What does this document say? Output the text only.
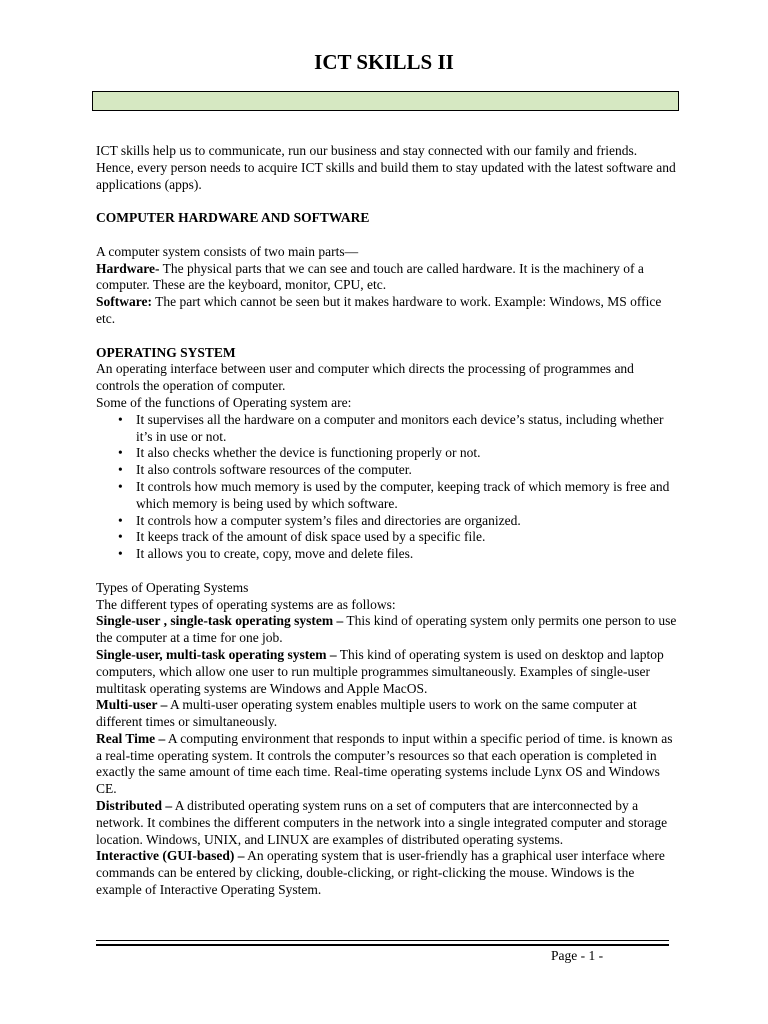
ICT SKILLS II

ICT skills help us to communicate, run our business and stay connected with our family and friends. Hence, every person needs to acquire ICT skills and build them to stay updated with the latest software and applications (apps).

COMPUTER HARDWARE AND SOFTWARE

A computer system consists of two main parts—

Hardware- The physical parts that we can see and touch are called hardware. It is the machinery of a computer. These are the keyboard, monitor, CPU, etc.

Software: The part which cannot be seen but it makes hardware to work. Example: Windows, MS office etc.

OPERATING SYSTEM

An operating interface between user and computer which directs the processing of programmes and controls the operation of computer.

Some of the functions of Operating system are:

• It supervises all the hardware on a computer and monitors each device’s status, including whether it’s in use or not.
• It also checks whether the device is functioning properly or not.
• It also controls software resources of the computer.
• It controls how much memory is used by the computer, keeping track of which memory is free and which memory is being used by which software.
• It controls how a computer system’s files and directories are organized.
• It keeps track of the amount of disk space used by a specific file.
• It allows you to create, copy, move and delete files.

Types of Operating Systems

The different types of operating systems are as follows:

Single-user , single-task operating system – This kind of operating system only permits one person to use the computer at a time for one job.

Single-user, multi-task operating system – This kind of operating system is used on desktop and laptop computers, which allow one user to run multiple programmes simultaneously. Examples of single-user multitask operating systems are Windows and Apple MacOS.

Multi-user – A multi-user operating system enables multiple users to work on the same computer at different times or simultaneously.

Real Time – A computing environment that responds to input within a specific period of time. is known as a real-time operating system. It controls the computer’s resources so that each operation is completed in exactly the same amount of time each time. Real-time operating systems include Lynx OS and Windows CE.

Distributed – A distributed operating system runs on a set of computers that are interconnected by a network. It combines the different computers in the network into a single integrated computer and storage location. Windows, UNIX, and LINUX are examples of distributed operating systems.

Interactive (GUI-based) – An operating system that is user-friendly has a graphical user interface where commands can be entered by clicking, double-clicking, or right-clicking the mouse. Windows is the example of Interactive Operating System.

Page - 1 -
